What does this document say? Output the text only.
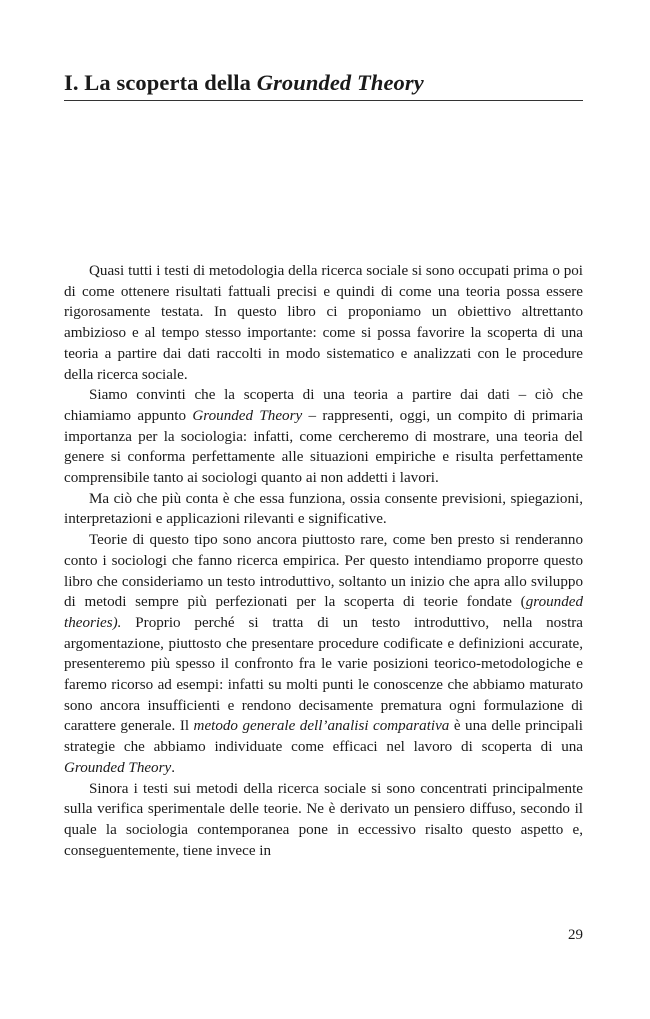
I. La scoperta della Grounded Theory

Quasi tutti i testi di metodologia della ricerca sociale si sono occupati prima o poi di come ottenere risultati fattuali precisi e quindi di come una teoria possa essere rigorosamente testata. In questo libro ci proponiamo un obiettivo altrettanto ambizioso e al tempo stesso importante: come si possa favorire la scoperta di una teoria a partire dai dati raccolti in modo sistematico e analizzati con le procedure della ricerca sociale.

Siamo convinti che la scoperta di una teoria a partire dai dati – ciò che chiamiamo appunto Grounded Theory – rappresenti, oggi, un compito di primaria importanza per la sociologia: infatti, come cercheremo di mostrare, una teoria del genere si conforma perfettamente alle situazioni empiriche e risulta perfettamente comprensibile tanto ai sociologi quanto ai non addetti i lavori.

Ma ciò che più conta è che essa funziona, ossia consente previsioni, spiegazioni, interpretazioni e applicazioni rilevanti e significative.

Teorie di questo tipo sono ancora piuttosto rare, come ben presto si renderanno conto i sociologi che fanno ricerca empirica. Per questo intendiamo proporre questo libro che consideriamo un testo introduttivo, soltanto un inizio che apra allo sviluppo di metodi sempre più perfezionati per la scoperta di teorie fondate (grounded theories). Proprio perché si tratta di un testo introduttivo, nella nostra argomentazione, piuttosto che presentare procedure codificate e definizioni accurate, presenteremo più spesso il confronto fra le varie posizioni teorico-metodologiche e faremo ricorso ad esempi: infatti su molti punti le conoscenze che abbiamo maturato sono ancora insufficienti e rendono decisamente prematura ogni formulazione di carattere generale. Il metodo generale dell’analisi comparativa è una delle principali strategie che abbiamo individuate come efficaci nel lavoro di scoperta di una Grounded Theory.

Sinora i testi sui metodi della ricerca sociale si sono concentrati principalmente sulla verifica sperimentale delle teorie. Ne è derivato un pensiero diffuso, secondo il quale la sociologia contemporanea pone in eccessivo risalto questo aspetto e, conseguentemente, tiene invece in

29
